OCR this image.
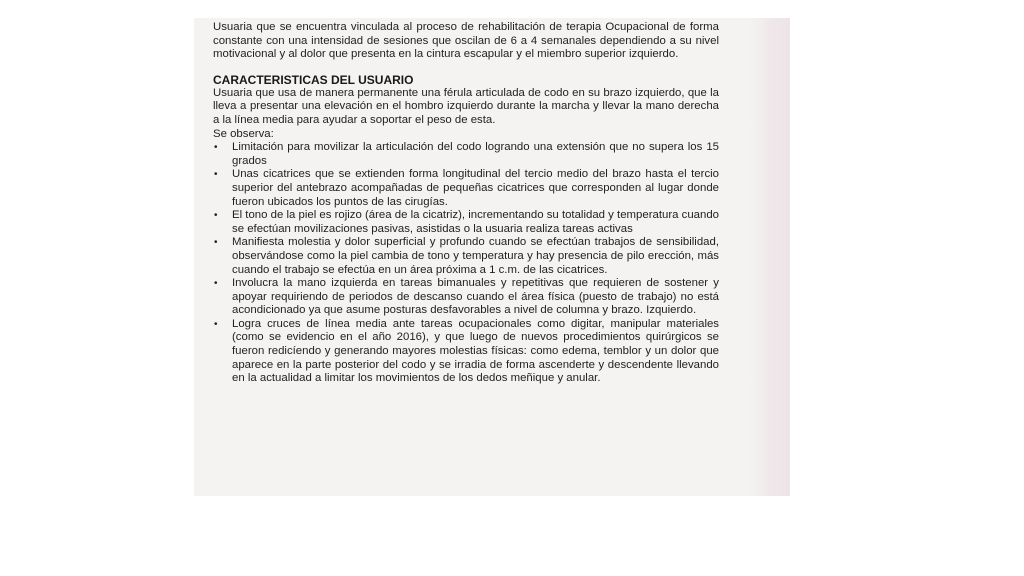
Usuaria que se encuentra vinculada al proceso de rehabilitación de terapia Ocupacional de forma constante con una intensidad de sesiones que oscilan de 6 a 4 semanales dependiendo a su nivel motivacional y al dolor que presenta en la cintura escapular y el miembro superior izquierdo.

CARACTERISTICAS DEL USUARIO

Usuaria que usa de manera permanente una férula articulada de codo en su brazo izquierdo, que la lleva a presentar una elevación en el hombro izquierdo durante la marcha y llevar la mano derecha a la línea media para ayudar a soportar el peso de esta.

Se observa:

• Limitación para movilizar la articulación del codo logrando una extensión que no supera los 15 grados
• Unas cicatrices que se extienden forma longitudinal del tercio medio del brazo hasta el tercio superior del antebrazo acompañadas de pequeñas cicatrices que corresponden al lugar donde fueron ubicados los puntos de las cirugías.
• El tono de la piel es rojizo (área de la cicatriz), incrementando su totalidad y temperatura cuando se efectúan movilizaciones pasivas, asistidas o la usuaria realiza tareas activas
• Manifiesta molestia y dolor superficial y profundo cuando se efectúan trabajos de sensibilidad, observándose como la piel cambia de tono y temperatura y hay presencia de pilo erección, más cuando el trabajo se efectúa en un área próxima a 1 c.m. de las cicatrices.
• Involucra la mano izquierda en tareas bimanuales y repetitivas que requieren de sostener y apoyar requiriendo de periodos de descanso cuando el área física (puesto de trabajo) no está acondicionado ya que asume posturas desfavorables a nivel de columna y brazo. Izquierdo.
• Logra cruces de línea media ante tareas ocupacionales como digitar, manipular materiales (como se evidencio en el año 2016), y que luego de nuevos procedimientos quirúrgicos se fueron redicíendo y generando mayores molestias físicas: como edema, temblor y un dolor que aparece en la parte posterior del codo y se irradia de forma ascenderte y descendente llevando en la actualidad a limitar los movimientos de los dedos meñique y anular.
